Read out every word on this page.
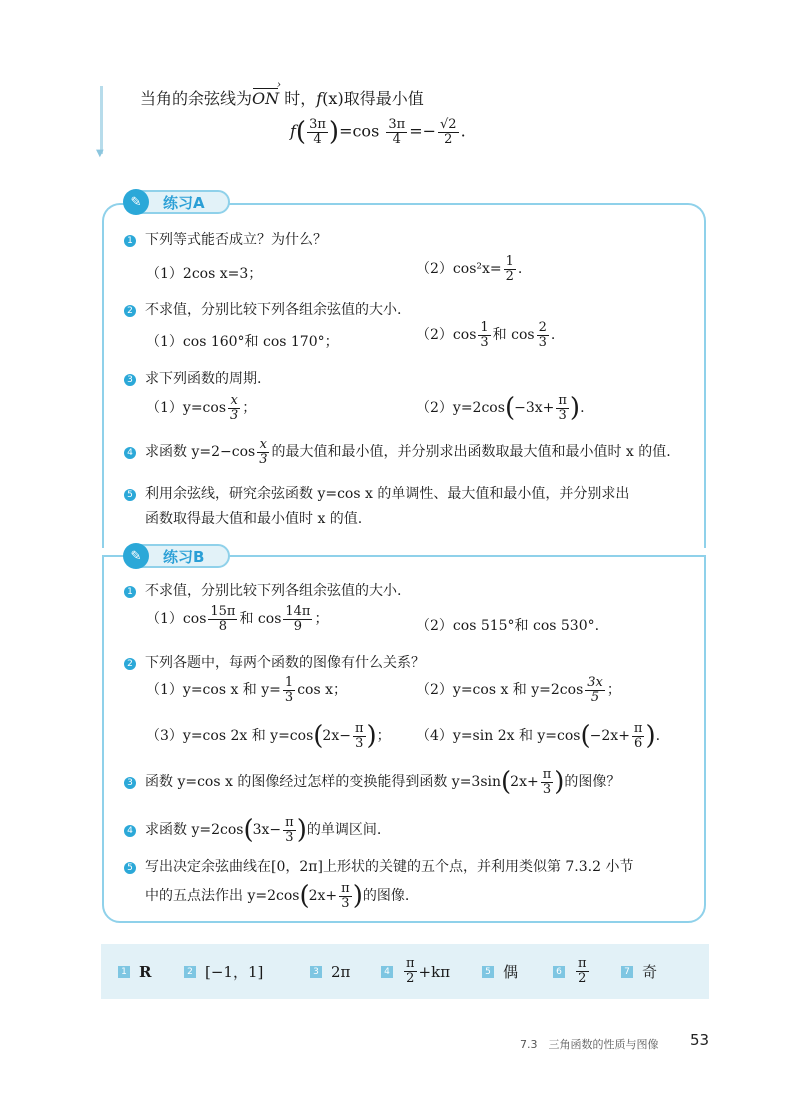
▼
当角的余弦线为ON › 时，f(x)取得最小值
$f( \frac{3\pi}{4} )=\cos \frac{3\pi}{4} =- \frac{√2}{2}$ .
✎	练习A
1 下列等式能否成立？为什么？
（1）2cos x=3；	$(2)\cos^2x= \frac{1}{2}$ .
2 不求值，分别比较下列各组余弦值的大小.
（1）cos 160°和 cos 170°；	$(2)\cos \frac{1}{3}$ 和 $\cos \frac{2}{3}$ .
3 求下列函数的周期.
$(1)y=\cos \frac{x}{3}$ ；	$(2)y=2\cos(-3x+ \frac{\pi}{3}$ ).
4 求函数 $y=2-\cos \frac{x}{3}$ 的最大值和最小值，并分别求出函数取最大值和最小值时 x 的值.
5 利用余弦线，研究余弦函数 y=cos x 的单调性、最大值和最小值，并分别求出
函数取得最大值和最小值时 x 的值.
✎	练习B
1 不求值，分别比较下列各组余弦值的大小.
$(1)\cos \frac{15\pi}{8}$ 和 $\cos \frac{14\pi}{9}$ ；	（2）cos 515°和 cos 530°.
2 下列各题中，每两个函数的图像有什么关系？
（1）y=cos x 和 $y= \frac{1}{3}$ cos x；	（2）y=cos x 和 $y=2\cos \frac{3x}{5}$ ；
（3）y=cos 2x 和 $y=\cos(2x- \frac{\pi}{3}$ )； （4）y=sin 2x 和 $y=\cos(-2x+ \frac{\pi}{6}$ ).
3 函数 y=cos x 的图像经过怎样的变换能得到函数 $y=3\sin(2x+ \frac{\pi}{3}$ )的图像？
4 求函数 $y=2\cos(3x- \frac{\pi}{3}$ )的单调区间.
5 写出决定余弦曲线在[0，2π]上形状的关键的五个点，并利用类似第 7.3.2 小节
中的五点法作出 $y=2\cos(2x+ \frac{\pi}{3}$ )的图像.
1 R	2 [−1，1]	3 2π	$4 \frac{\pi}{2} +k\pi$	5 偶	$6 \frac{\pi}{2}$	7 奇
7.3　三角函数的性质与图像 53
